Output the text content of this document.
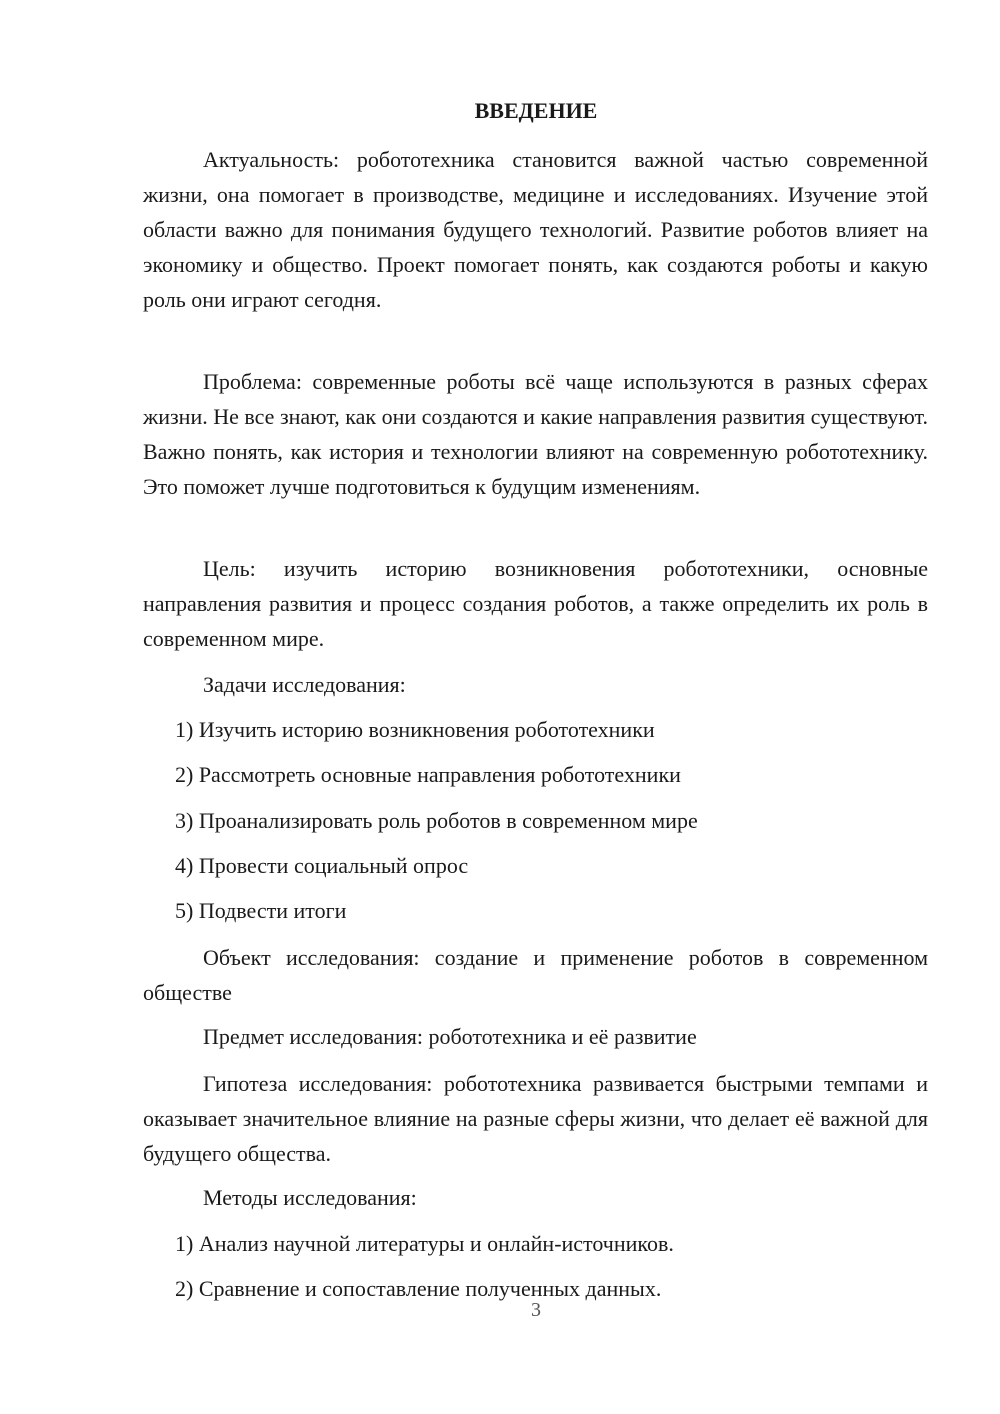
ВВЕДЕНИЕ
Актуальность: робототехника становится важной частью современной жизни, она помогает в производстве, медицине и исследованиях. Изучение этой области важно для понимания будущего технологий. Развитие роботов влияет на экономику и общество. Проект помогает понять, как создаются роботы и какую роль они играют сегодня.
Проблема: современные роботы всё чаще используются в разных сферах жизни. Не все знают, как они создаются и какие направления развития существуют. Важно понять, как история и технологии влияют на современную робототехнику. Это поможет лучше подготовиться к будущим изменениям.
Цель: изучить историю возникновения робототехники, основные направления развития и процесс создания роботов, а также определить их роль в современном мире.
Задачи исследования:
1) Изучить историю возникновения робототехники
2) Рассмотреть основные направления робототехники
3) Проанализировать роль роботов в современном мире
4) Провести социальный опрос
5) Подвести итоги
Объект исследования: создание и применение роботов в современном обществе
Предмет исследования: робототехника и её развитие
Гипотеза исследования: робототехника развивается быстрыми темпами и оказывает значительное влияние на разные сферы жизни, что делает её важной для будущего общества.
Методы исследования:
1) Анализ научной литературы и онлайн-источников.
2) Сравнение и сопоставление полученных данных.
3
